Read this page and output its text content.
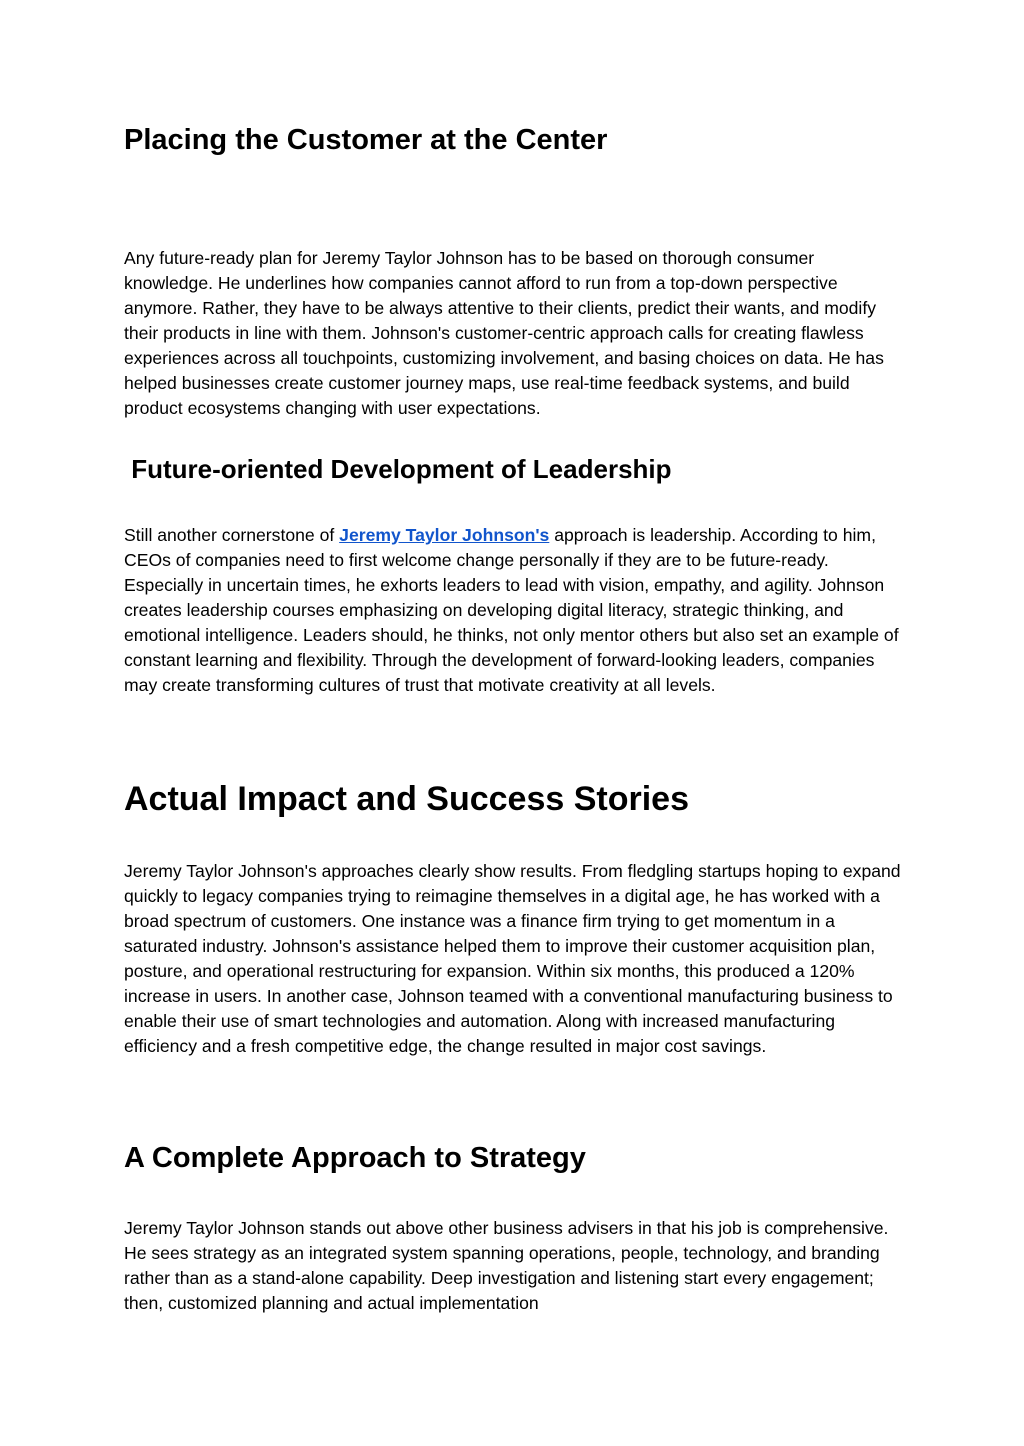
Placing the Customer at the Center

Any future-ready plan for Jeremy Taylor Johnson has to be based on thorough consumer knowledge. He underlines how companies cannot afford to run from a top-down perspective anymore. Rather, they have to be always attentive to their clients, predict their wants, and modify their products in line with them. Johnson's customer-centric approach calls for creating flawless experiences across all touchpoints, customizing involvement, and basing choices on data. He has helped businesses create customer journey maps, use real-time feedback systems, and build product ecosystems changing with user expectations.

Future-oriented Development of Leadership

Still another cornerstone of Jeremy Taylor Johnson's approach is leadership. According to him, CEOs of companies need to first welcome change personally if they are to be future-ready. Especially in uncertain times, he exhorts leaders to lead with vision, empathy, and agility. Johnson creates leadership courses emphasizing on developing digital literacy, strategic thinking, and emotional intelligence. Leaders should, he thinks, not only mentor others but also set an example of constant learning and flexibility. Through the development of forward-looking leaders, companies may create transforming cultures of trust that motivate creativity at all levels.

Actual Impact and Success Stories

Jeremy Taylor Johnson's approaches clearly show results. From fledgling startups hoping to expand quickly to legacy companies trying to reimagine themselves in a digital age, he has worked with a broad spectrum of customers. One instance was a finance firm trying to get momentum in a saturated industry. Johnson's assistance helped them to improve their customer acquisition plan, posture, and operational restructuring for expansion. Within six months, this produced a 120% increase in users. In another case, Johnson teamed with a conventional manufacturing business to enable their use of smart technologies and automation. Along with increased manufacturing efficiency and a fresh competitive edge, the change resulted in major cost savings.

A Complete Approach to Strategy

Jeremy Taylor Johnson stands out above other business advisers in that his job is comprehensive. He sees strategy as an integrated system spanning operations, people, technology, and branding rather than as a stand-alone capability. Deep investigation and listening start every engagement; then, customized planning and actual implementation
